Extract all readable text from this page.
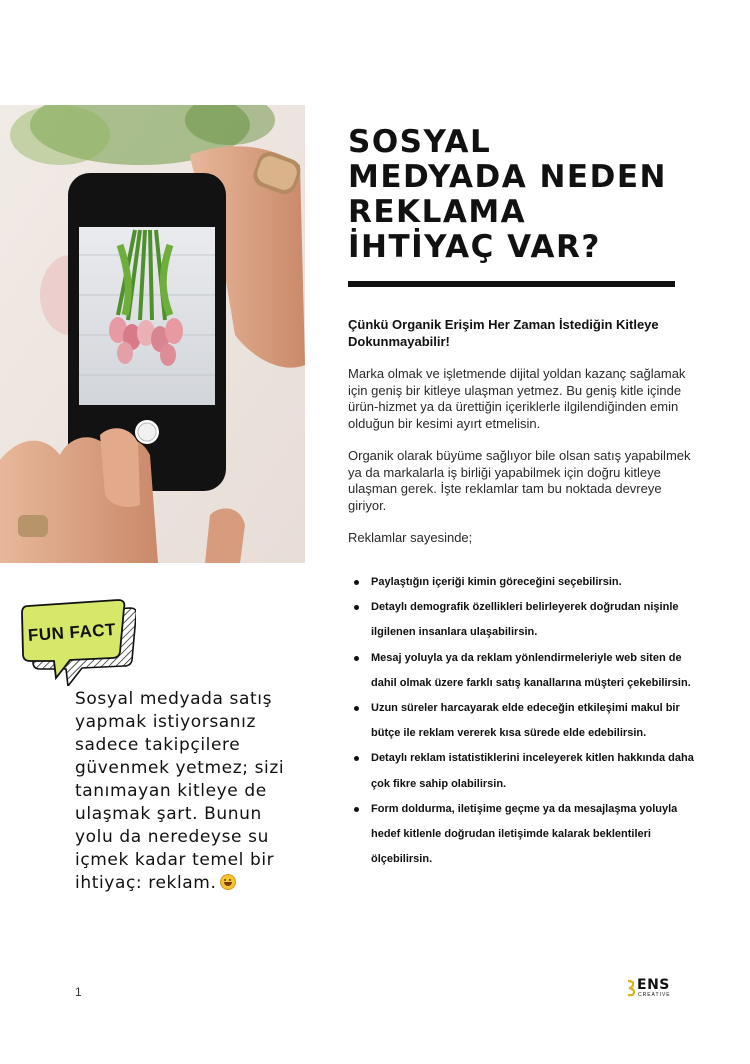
SOSYAL
MEDYADA NEDEN
REKLAMA
İHTİYAÇ VAR?

Çünkü Organik Erişim Her Zaman İstediğin Kitleye Dokunmayabilir!

Marka olmak ve işletmende dijital yoldan kazanç sağlamak için geniş bir kitleye ulaşman yetmez. Bu geniş kitle içinde ürün-hizmet ya da ürettiğin içeriklerle ilgilendiğinden emin olduğun bir kesimi ayırt etmelisin.

Organik olarak büyüme sağlıyor bile olsan satış yapabilmek ya da markalarla iş birliği yapabilmek için doğru kitleye ulaşman gerek. İşte reklamlar tam bu noktada devreye giriyor.

Reklamlar sayesinde;

Paylaştığın içeriği kimin göreceğini seçebilirsin.
Detaylı demografik özellikleri belirleyerek doğrudan nişinle ilgilenen insanlara ulaşabilirsin.
Mesaj yoluyla ya da reklam yönlendirmeleriyle web siten de dahil olmak üzere farklı satış kanallarına müşteri çekebilirsin.
Uzun süreler harcayarak elde edeceğin etkileşimi makul bir bütçe ile reklam vererek kısa sürede elde edebilirsin.
Detaylı reklam istatistiklerini inceleyerek kitlen hakkında daha çok fikre sahip olabilirsin.
Form doldurma, iletişime geçme ya da mesajlaşma yoluyla hedef kitlenle doğrudan iletişimde kalarak beklentileri ölçebilirsin.
FUN FACT
Sosyal medyada satış yapmak istiyorsanız sadece takipçilere güvenmek yetmez; sizi tanımayan kitleye de ulaşmak şart. Bunun yolu da neredeyse su içmek kadar temel bir ihtiyaç: reklam.
1	ENS
CREATIVE
